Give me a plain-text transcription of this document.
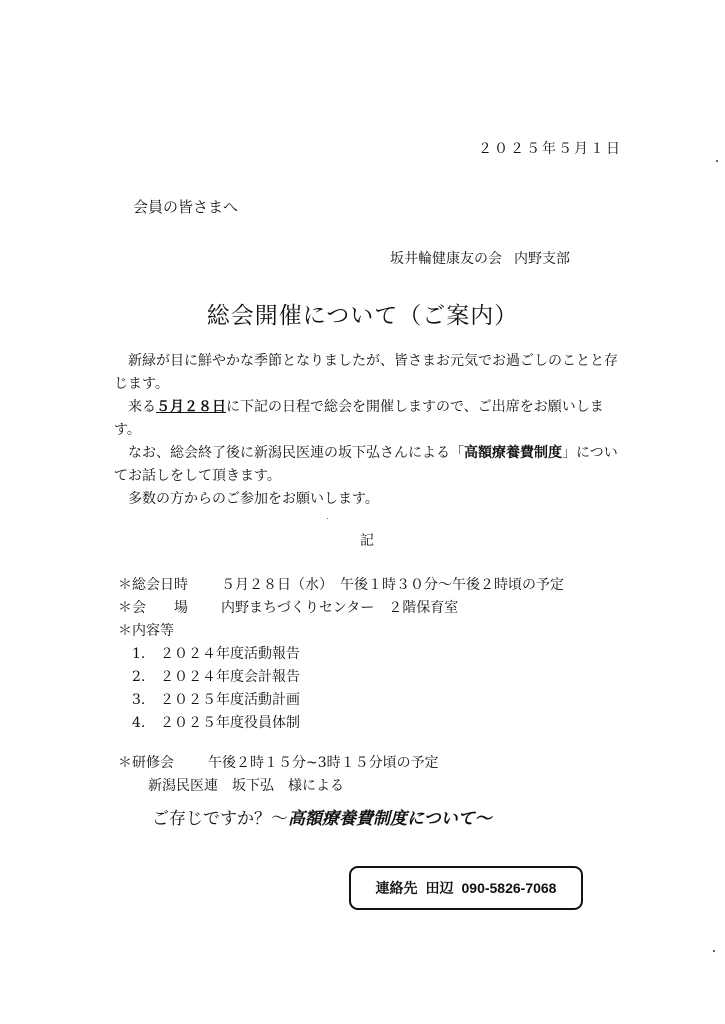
２０２５年５月１日
会員の皆さまへ
坂井輪健康友の会 内野支部
総会開催について（ご案内）

　新緑が目に鮮やかな季節となりましたが、皆さまお元気でお過ごしのことと存じます。

　来る５月２８日に下記の日程で総会を開催しますので、ご出席をお願いします。

　なお、総会終了後に新潟民医連の坂下弘さんによる「高額療養費制度」についてお話しをして頂きます。

　多数の方からのご参加をお願いします。

記
＊総会日時 ５月２８日（水）　午後１時３０分～午後２時頃の予定
＊会　　場 内野まちづくりセンター　２階保育室
＊内容等
1. ２０２４年度活動報告
2. ２０２４年度会計報告
3. ２０２５年度活動計画
4. ２０２５年度役員体制
＊研修会 午後２時１５分~3時１５分頃の予定
新潟民医連　坂下弘　様による
ご存じですか？～高額療養費制度について～
連絡先 田辺 090-5826-7068
